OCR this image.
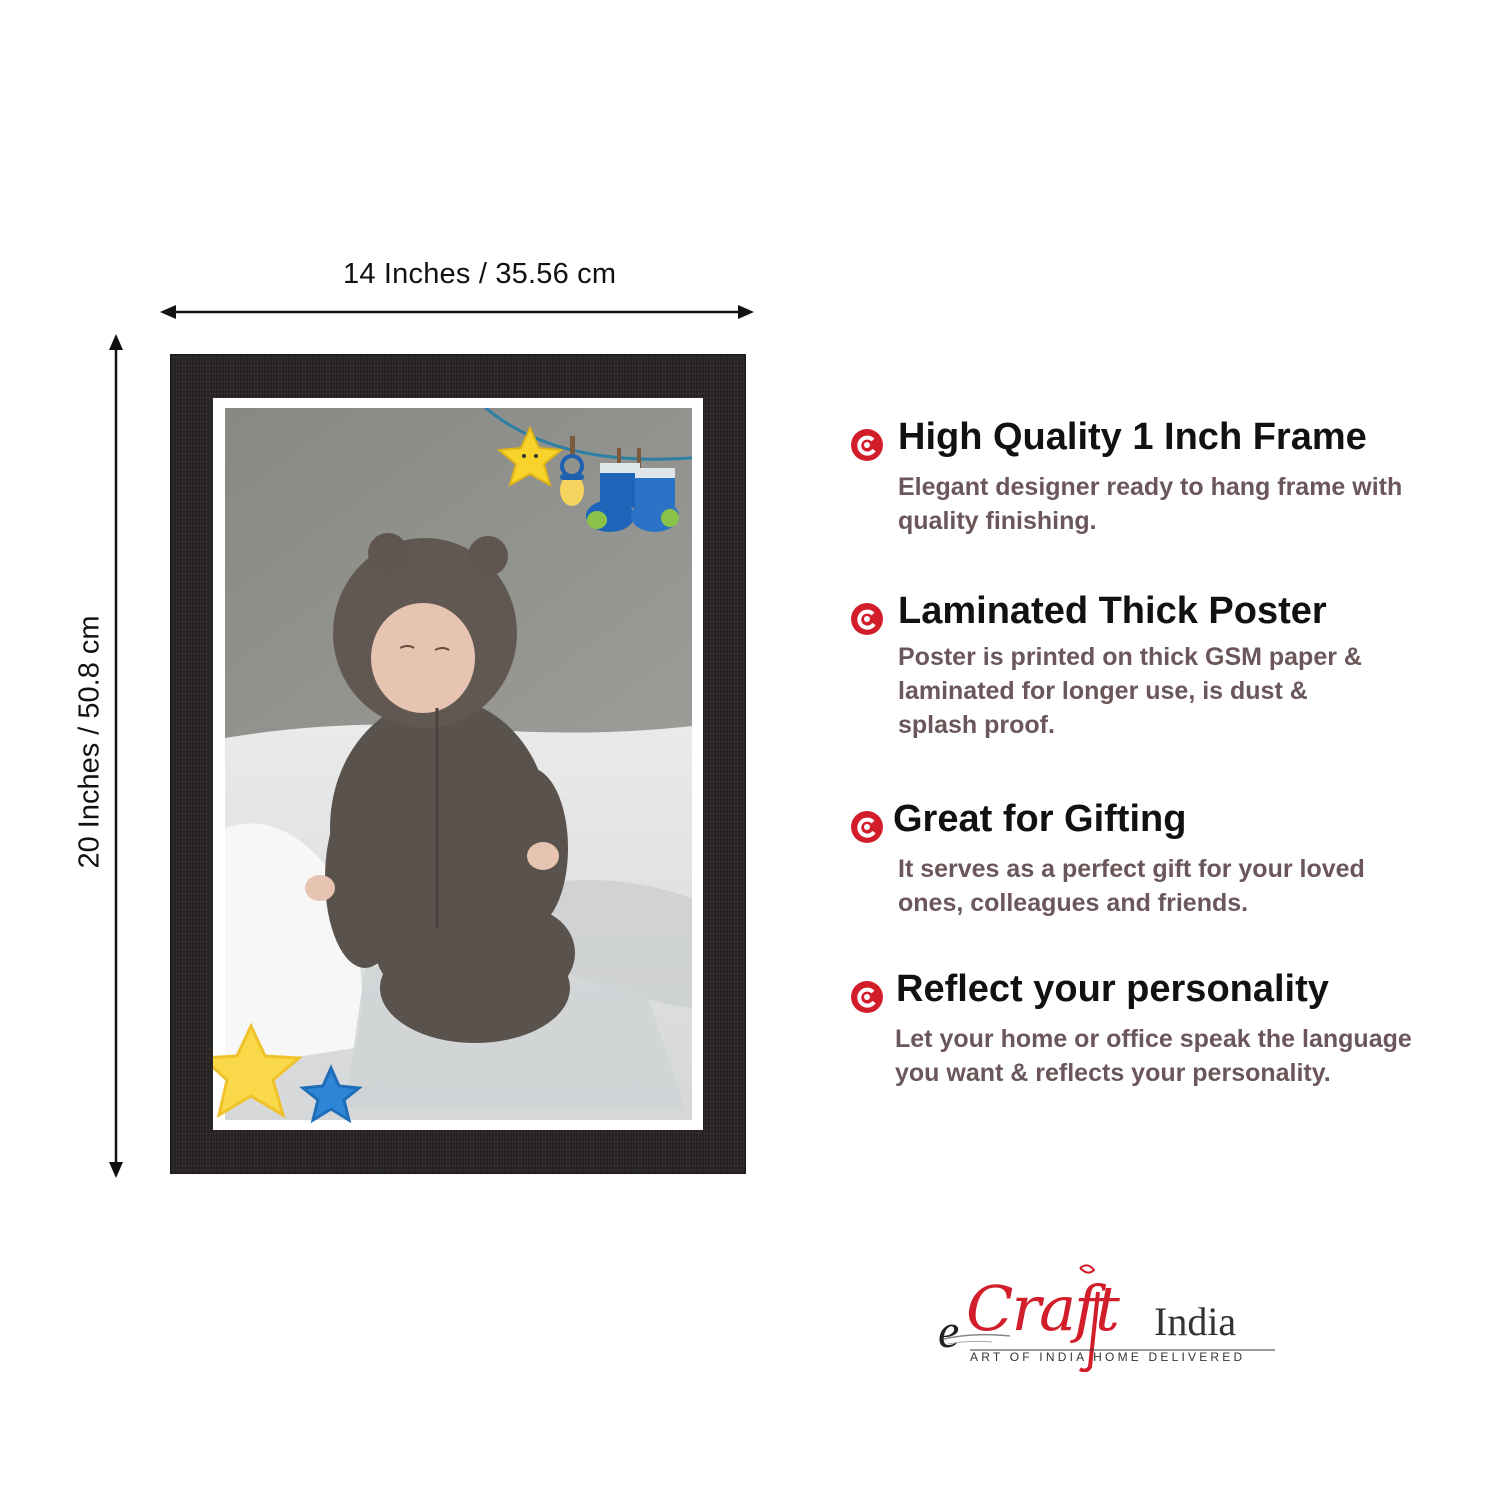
14 Inches / 35.56 cm
20 Inches / 50.8 cm
High Quality 1 Inch Frame
Elegant designer ready to hang frame with
quality finishing.
Laminated Thick Poster
Poster is printed on thick GSM paper &
laminated for longer use, is dust &
splash proof.
Great for Gifting
It serves as a perfect gift for your loved
ones, colleagues and friends.
Reflect your personality
Let your home or office speak the language
you want & reflects your personality.
e Craft India
ART OF INDIA HOME DELIVERED
